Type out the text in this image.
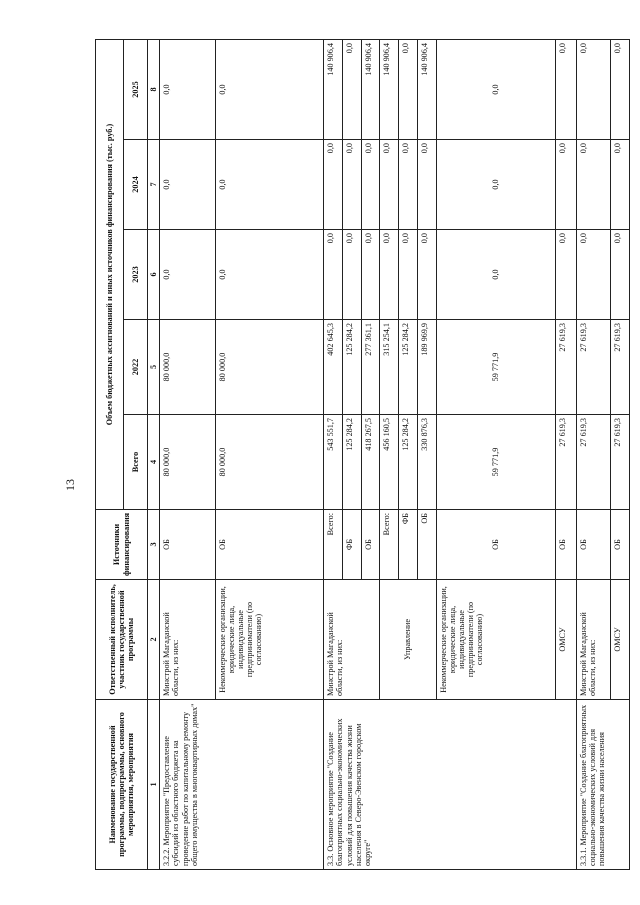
13
Наименование государственной программы, подпрограммы, основного мероприятия, мероприятия	Ответственный исполнитель, участник государственной программы	Источники финансирования	Объем бюджетных ассигнований и иных источников финансирования (тыс. руб.)				
			Всего	2022	2023	2024	2025
1	2	3	4	5	6	7	8
3.2.2. Мероприятие "Предоставление субсидий из областного бюджета на проведение работ по капитальному ремонту общего имущества в многоквартирных домах"	Минстрой Магаданской области, из них:	ОБ	80 000,0	80 000,0	0,0	0,0	0,0
	Некоммерческие организации, юридические лица, индивидуальные предприниматели (по согласованию)	ОБ	80 000,0	80 000,0	0,0	0,0	0,0
3.3. Основное мероприятие "Создание благоприятных социально-экономических условий для повышения качества жизни населения в Северо-Эвенском городском округе"	Минстрой Магаданской области, из них:	Всего:	543 551,7	402 645,3	0,0	0,0	140 906,4
		ФБ	125 284,2	125 284,2	0,0	0,0	0,0
		ОБ	418 267,5	277 361,1	0,0	0,0	140 906,4
	Управление	Всего:	456 160,5	315 254,1	0,0	0,0	140 906,4
		ФБ	125 284,2	125 284,2	0,0	0,0	0,0
		ОБ	330 876,3	189 969,9	0,0	0,0	140 906,4
	Некоммерческие организации, юридические лица, индивидуальные предприниматели (по согласованию)	ОБ	59 771,9	59 771,9	0,0	0,0	0,0
	ОМСУ	ОБ	27 619,3	27 619,3	0,0	0,0	0,0
3.3.1. Мероприятие "Создание благоприятных социально-экономических условий для повышения качества жизни населения	Минстрой Магаданской области, из них:	ОБ	27 619,3	27 619,3	0,0	0,0	0,0
	ОМСУ	ОБ	27 619,3	27 619,3	0,0	0,0	0,0
